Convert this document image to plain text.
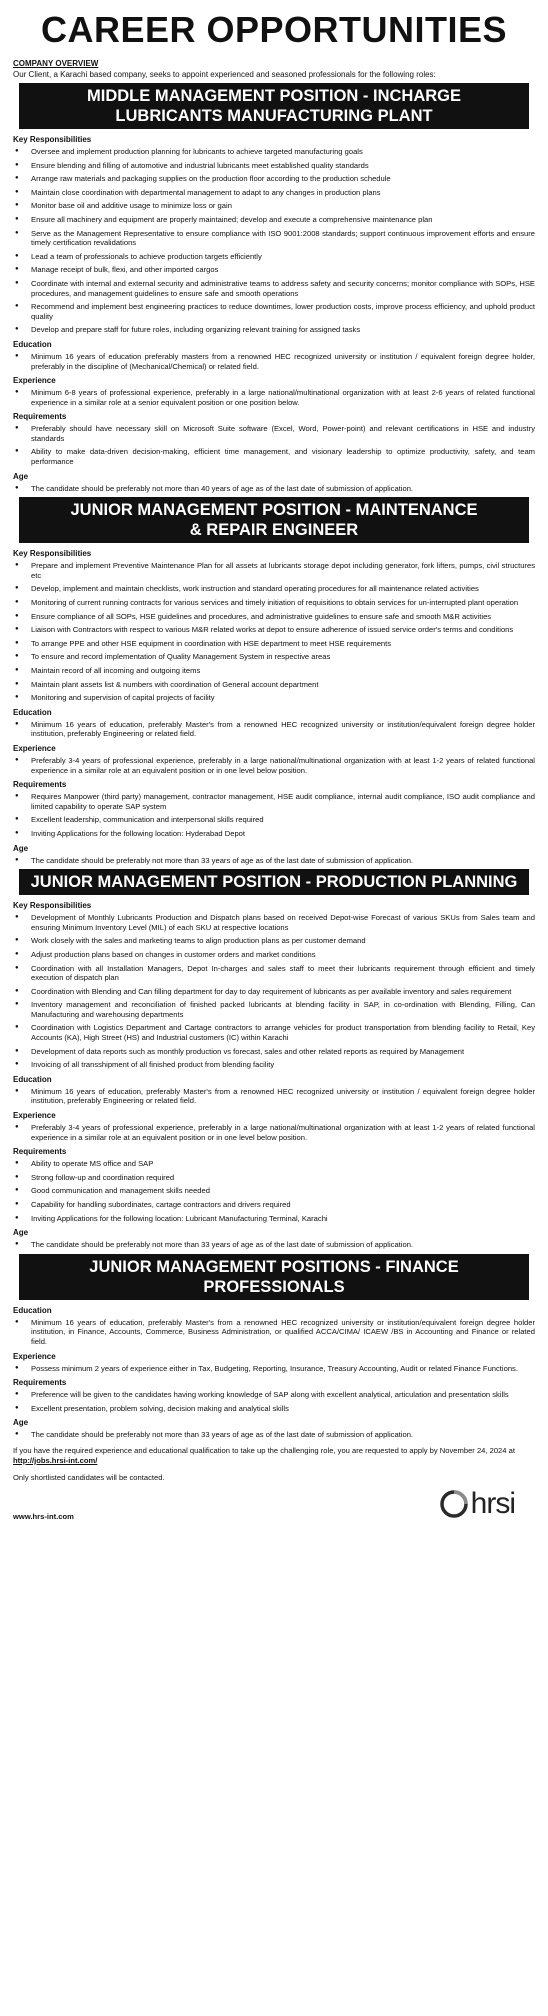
CAREER OPPORTUNITIES
COMPANY OVERVIEW
Our Client, a Karachi based company, seeks to appoint experienced and seasoned professionals for the following roles:
MIDDLE MANAGEMENT POSITION - INCHARGE
LUBRICANTS MANUFACTURING PLANT
Key Responsibilities
● Oversee and implement production planning for lubricants to achieve targeted manufacturing goals
● Ensure blending and filling of automotive and industrial lubricants meet established quality standards
● Arrange raw materials and packaging supplies on the production floor according to the production schedule
● Maintain close coordination with departmental management to adapt to any changes in production plans
● Monitor base oil and additive usage to minimize loss or gain
● Ensure all machinery and equipment are properly maintained; develop and execute a comprehensive maintenance plan
● Serve as the Management Representative to ensure compliance with ISO 9001:2008 standards; support continuous improvement efforts and ensure timely certification revalidations
● Lead a team of professionals to achieve production targets efficiently
● Manage receipt of bulk, flexi, and other imported cargos
● Coordinate with internal and external security and administrative teams to address safety and security concerns; monitor compliance with SOPs, HSE procedures, and management guidelines to ensure safe and smooth operations
● Recommend and implement best engineering practices to reduce downtimes, lower production costs, improve process efficiency, and uphold product quality
● Develop and prepare staff for future roles, including organizing relevant training for assigned tasks
Education
● Minimum 16 years of education preferably masters from a renowned HEC recognized university or institution / equivalent foreign degree holder, preferably in the discipline of (Mechanical/Chemical) or related field.
Experience
● Minimum 6-8 years of professional experience, preferably in a large national/multinational organization with at least 2-6 years of related functional experience in a similar role at a senior equivalent position or one position below.
Requirements
● Preferably should have necessary skill on Microsoft Suite software (Excel, Word, Power-point) and relevant certifications in HSE and industry standards
● Ability to make data-driven decision-making, efficient time management, and visionary leadership to optimize productivity, safety, and team performance
Age
● The candidate should be preferably not more than 40 years of age as of the last date of submission of application.
JUNIOR MANAGEMENT POSITION - MAINTENANCE
& REPAIR ENGINEER
Key Responsibilities
● Prepare and implement Preventive Maintenance Plan for all assets at lubricants storage depot including generator, fork lifters, pumps, civil structures etc
● Develop, implement and maintain checklists, work instruction and standard operating procedures for all maintenance related activities
● Monitoring of current running contracts for various services and timely initiation of requisitions to obtain services for un-interrupted plant operation
● Ensure compliance of all SOPs, HSE guidelines and procedures, and administrative guidelines to ensure safe and smooth M&R activities
● Liaison with Contractors with respect to various M&R related works at depot to ensure adherence of issued service order's terms and conditions
● To arrange PPE and other HSE equipment in coordination with HSE department to meet HSE requirements
● To ensure and record implementation of Quality Management System in respective areas
● Maintain record of all incoming and outgoing items
● Maintain plant assets list & numbers with coordination of General account department
● Monitoring and supervision of capital projects of facility
Education
● Minimum 16 years of education, preferably Master's from a renowned HEC recognized university or institution/equivalent foreign degree holder institution, preferably Engineering or related field.
Experience
● Preferably 3-4 years of professional experience, preferably in a large national/multinational organization with at least 1-2 years of related functional experience in a similar role at an equivalent position or in one level below position.
Requirements
● Requires Manpower (third party) management, contractor management, HSE audit compliance, internal audit compliance, ISO audit compliance and limited capability to operate SAP system
● Excellent leadership, communication and interpersonal skills required
● Inviting Applications for the following location: Hyderabad Depot
Age
● The candidate should be preferably not more than 33 years of age as of the last date of submission of application.
JUNIOR MANAGEMENT POSITION - PRODUCTION PLANNING
Key Responsibilities
● Development of Monthly Lubricants Production and Dispatch plans based on received Depot-wise Forecast of various SKUs from Sales team and ensuring Minimum Inventory Level (MIL) of each SKU at respective locations
● Work closely with the sales and marketing teams to align production plans as per customer demand
● Adjust production plans based on changes in customer orders and market conditions
● Coordination with all Installation Managers, Depot In-charges and sales staff to meet their lubricants requirement through efficient and timely execution of dispatch plan
● Coordination with Blending and Can filling department for day to day requirement of lubricants as per available inventory and sales requirement
● Inventory management and reconciliation of finished packed lubricants at blending facility in SAP, in co-ordination with Blending, Filling, Can Manufacturing and warehousing departments
● Coordination with Logistics Department and Cartage contractors to arrange vehicles for product transportation from blending facility to Retail, Key Accounts (KA), High Street (HS) and Industrial customers (IC) within Karachi
● Development of data reports such as monthly production vs forecast, sales and other related reports as required by Management
● Invoicing of all transshipment of all finished product from blending facility
Education
● Minimum 16 years of education, preferably Master's from a renowned HEC recognized university or institution / equivalent foreign degree holder institution, preferably Engineering or related field.
Experience
● Preferably 3-4 years of professional experience, preferably in a large national/multinational organization with at least 1-2 years of related functional experience in a similar role at an equivalent position or in one level below position.
Requirements
● Ability to operate MS office and SAP
● Strong follow-up and coordination required
● Good communication and management skills needed
● Capability for handling subordinates, cartage contractors and drivers required
● Inviting Applications for the following location: Lubricant Manufacturing Terminal, Karachi
Age
● The candidate should be preferably not more than 33 years of age as of the last date of submission of application.
JUNIOR MANAGEMENT POSITIONS - FINANCE PROFESSIONALS
Education
● Minimum 16 years of education, preferably Master's from a renowned HEC recognized university or institution/equivalent foreign degree holder institution, in Finance, Accounts, Commerce, Business Administration, or qualified ACCA/CIMA/ ICAEW /BS in Accounting and Finance or related field.
Experience
● Possess minimum 2 years of experience either in Tax, Budgeting, Reporting, Insurance, Treasury Accounting, Audit or related Finance Functions.
Requirements
● Preference will be given to the candidates having working knowledge of SAP along with excellent analytical, articulation and presentation skills
● Excellent presentation, problem solving, decision making and analytical skills
Age
● The candidate should be preferably not more than 33 years of age as of the last date of submission of application.
If you have the required experience and educational qualification to take up the challenging role, you are requested to apply by November 24, 2024 at http://jobs.hrsi-int.com/
Only shortlisted candidates will be contacted.
www.hrs-int.com	hrsi
